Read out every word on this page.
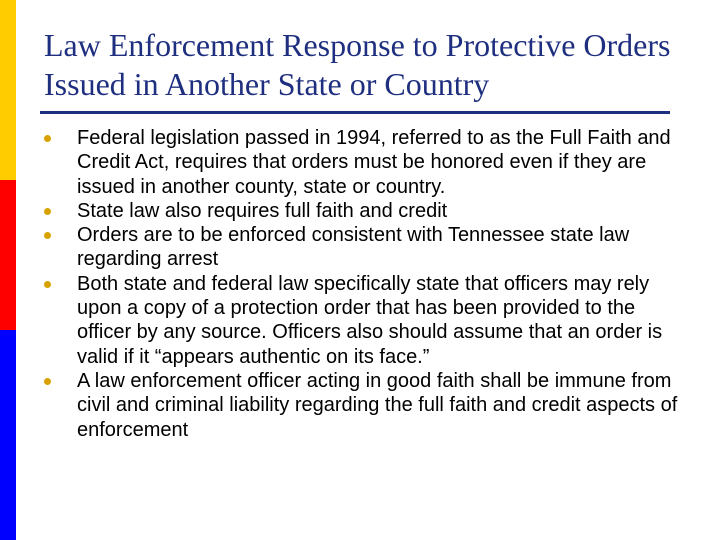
Law Enforcement Response to Protective Orders Issued in Another State or Country
Federal legislation passed in 1994, referred to as the Full Faith and Credit Act, requires that orders must be honored even if they are issued in another county, state or country.
State law also requires full faith and credit
Orders are to be enforced consistent with Tennessee state law regarding arrest
Both state and federal law specifically state that officers may rely upon a copy of a protection order that has been provided to the officer by any source. Officers also should assume that an order is valid if it “appears authentic on its face.”
A law enforcement officer acting in good faith shall be immune from civil and criminal liability regarding the full faith and credit aspects of enforcement
